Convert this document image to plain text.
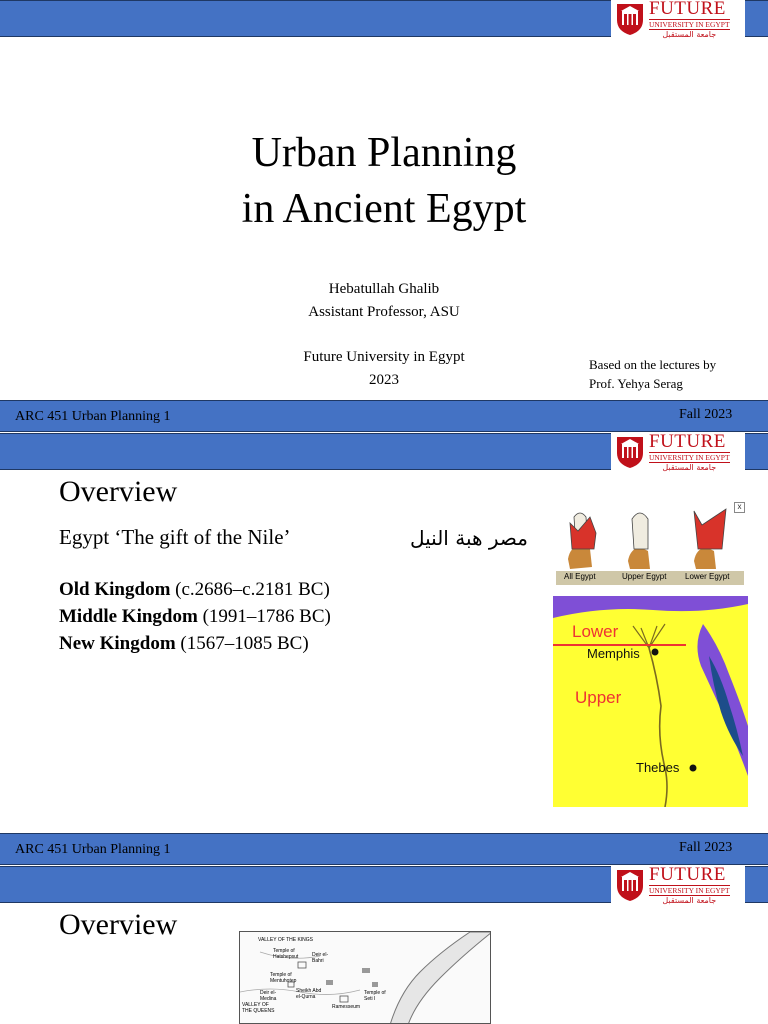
FUTURE
UNIVERSITY IN EGYPT
جامعة المستقبل
Urban Planning
in Ancient Egypt
Hebatullah Ghalib
Assistant Professor, ASU
Future University in Egypt
2023
Based on the lectures by
Prof. Yehya Serag
ARC 451 Urban Planning 1	Fall 2023
FUTURE
UNIVERSITY IN EGYPT
جامعة المستقبل
Overview
Egypt ‘The gift of the Nile’	مصر هبة النيل
Old Kingdom (c.2686–c.2181 BC)
Middle Kingdom (1991–1786 BC)
New Kingdom (1567–1085 BC)
All Egypt	Upper Egypt Lower Egypt
x
Lower
Memphis
Upper
Thebes
ARC 451 Urban Planning 1	Fall 2023
FUTURE
UNIVERSITY IN EGYPT
جامعة المستقبل
Overview	VALLEY OF THE KINGS
Temple of Hatshepsut	Deir el-Bahri
Temple of Mentuhotep
Deir el-Medina
VALLEY OF THE QUEENS
Sheikh Abd el-Qurna
Ramesseum
Temple of Seti I
